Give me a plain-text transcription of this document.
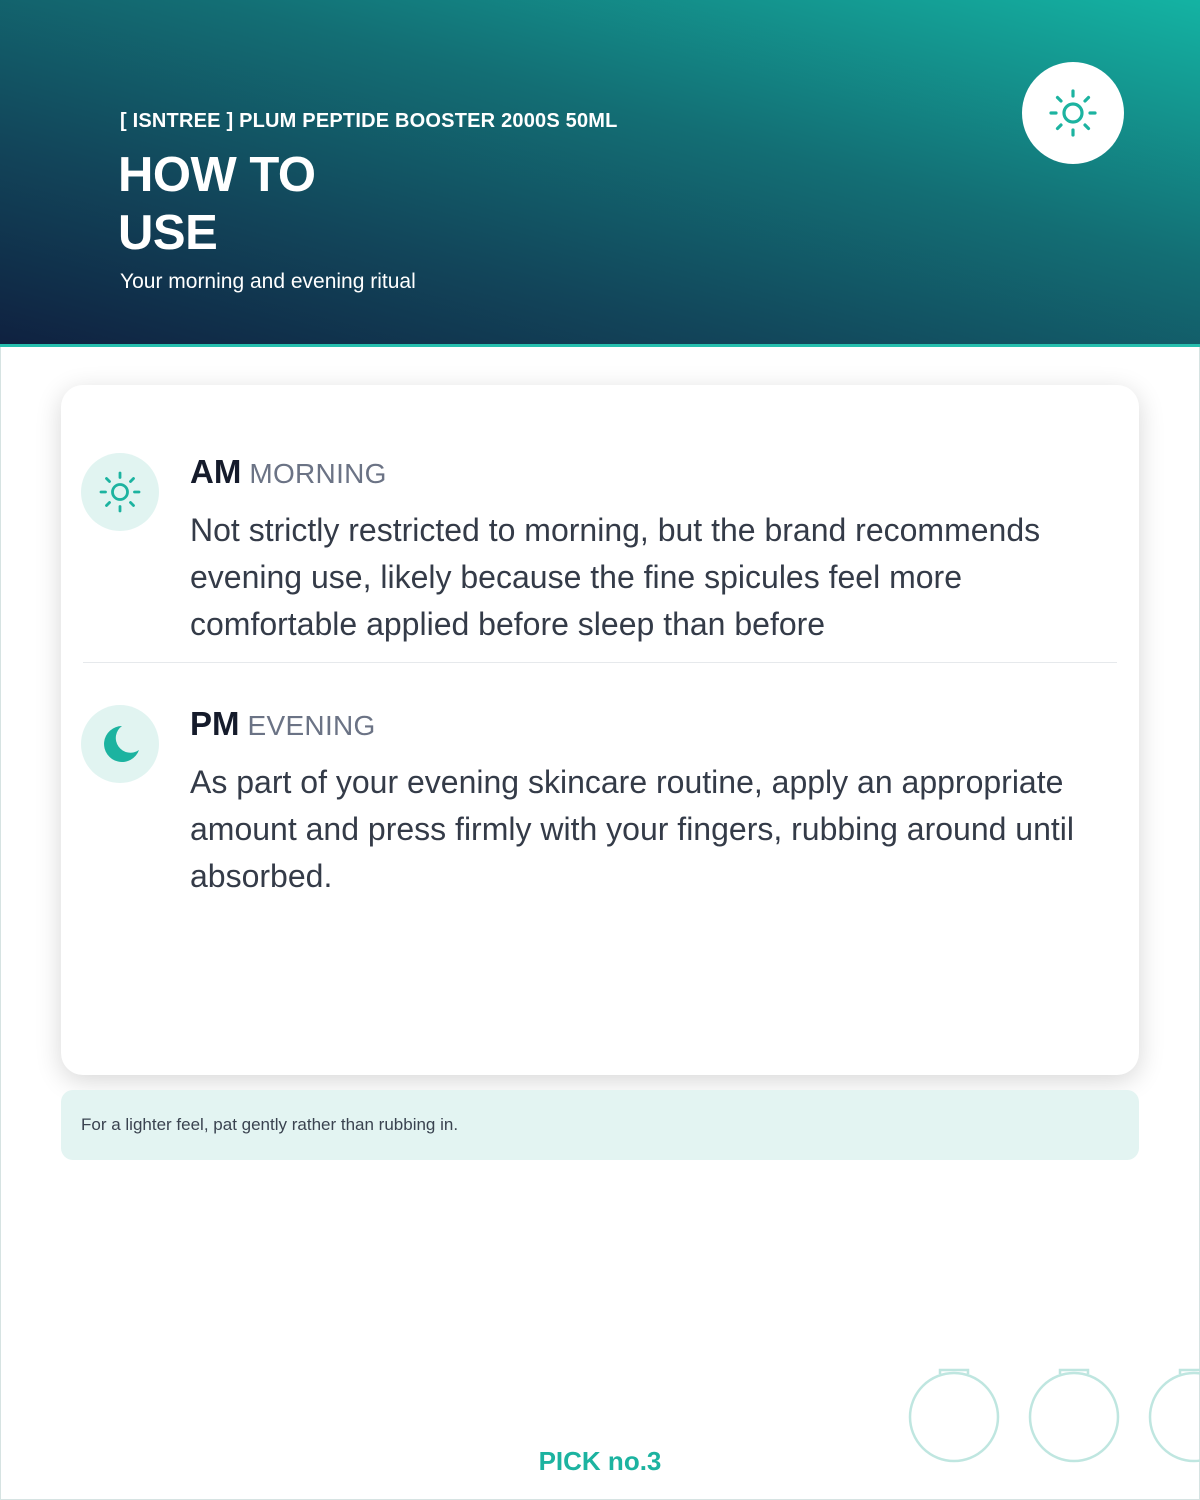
[ ISNTREE ] PLUM PEPTIDE BOOSTER 2000S 50ML
HOW TO
USE
Your morning and evening ritual
AM MORNING
Not strictly restricted to morning, but the brand recommends evening use, likely because the fine spicules feel more comfortable applied before sleep than before
PM EVENING
As part of your evening skincare routine, apply an appropriate amount and press firmly with your fingers, rubbing around until absorbed.
For a lighter feel, pat gently rather than rubbing in.
PICK no.3
